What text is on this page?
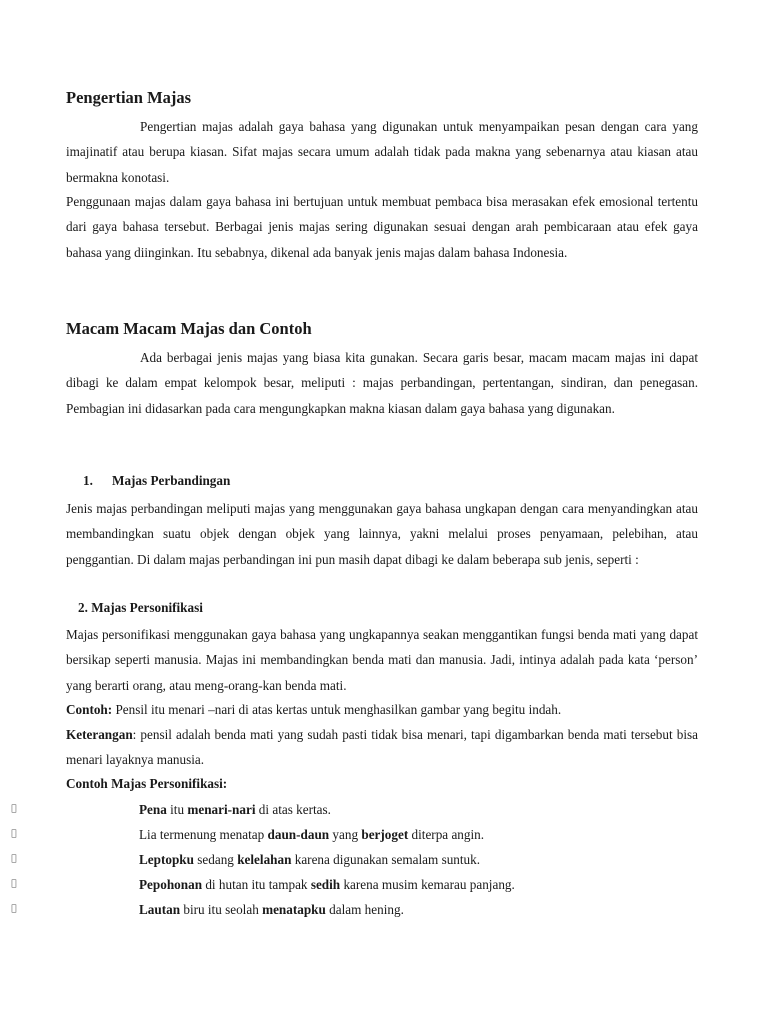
Pengertian Majas

Pengertian majas adalah gaya bahasa yang digunakan untuk menyampaikan pesan dengan cara yang imajinatif atau berupa kiasan. Sifat majas secara umum adalah tidak pada makna yang sebenarnya atau kiasan atau bermakna konotasi.

Penggunaan majas dalam gaya bahasa ini bertujuan untuk membuat pembaca bisa merasakan efek emosional tertentu dari gaya bahasa tersebut. Berbagai jenis majas sering digunakan sesuai dengan arah pembicaraan atau efek gaya bahasa yang diinginkan. Itu sebabnya, dikenal ada banyak jenis majas dalam bahasa Indonesia.

Macam Macam Majas dan Contoh

Ada berbagai jenis majas yang biasa kita gunakan. Secara garis besar, macam macam majas ini dapat dibagi ke dalam empat kelompok besar, meliputi : majas perbandingan, pertentangan, sindiran, dan penegasan. Pembagian ini didasarkan pada cara mengungkapkan makna kiasan dalam gaya bahasa yang digunakan.

1. Majas Perbandingan

Jenis majas perbandingan meliputi majas yang menggunakan gaya bahasa ungkapan dengan cara menyandingkan atau membandingkan suatu objek dengan objek yang lainnya, yakni melalui proses penyamaan, pelebihan, atau penggantian. Di dalam majas perbandingan ini pun masih dapat dibagi ke dalam beberapa sub jenis, seperti :

2. Majas Personifikasi

Majas personifikasi menggunakan gaya bahasa yang ungkapannya seakan menggantikan fungsi benda mati yang dapat bersikap seperti manusia. Majas ini membandingkan benda mati dan manusia. Jadi, intinya adalah pada kata ‘person’ yang berarti orang, atau meng-orang-kan benda mati.

Contoh: Pensil itu menari –nari di atas kertas untuk menghasilkan gambar yang begitu indah.

Keterangan: pensil adalah benda mati yang sudah pasti tidak bisa menari, tapi digambarkan benda mati tersebut bisa menari layaknya manusia.

Contoh Majas Personifikasi:
Pena itu menari-nari di atas kertas.
Lia termenung menatap daun-daun yang berjoget diterpa angin.
Leptopku sedang kelelahan karena digunakan semalam suntuk.
Pepohonan di hutan itu tampak sedih karena musim kemarau panjang.
Lautan biru itu seolah menatapku dalam hening.
